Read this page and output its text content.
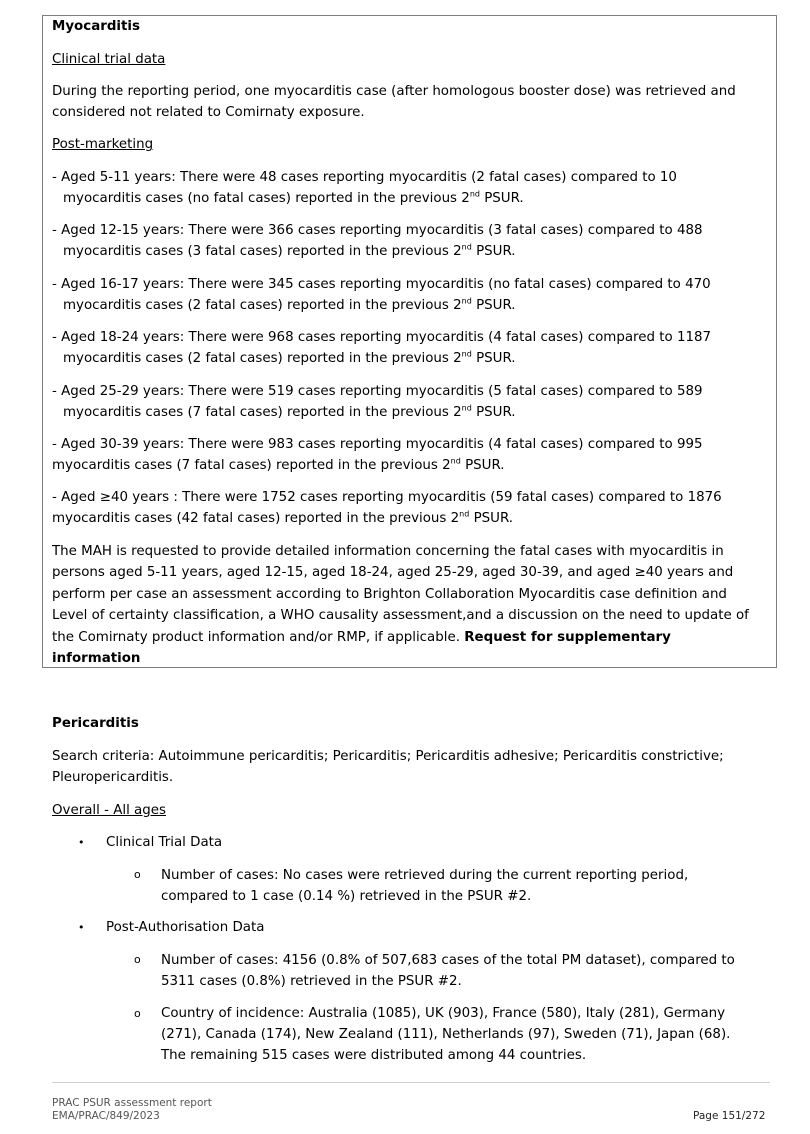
Myocarditis
Clinical trial data
During the reporting period, one myocarditis case (after homologous booster dose) was retrieved and
considered not related to Comirnaty exposure.
Post-marketing
- Aged 5-11 years: There were 48 cases reporting myocarditis (2 fatal cases) compared to 10
myocarditis cases (no fatal cases) reported in the previous 2nd PSUR.
- Aged 12-15 years: There were 366 cases reporting myocarditis (3 fatal cases) compared to 488
myocarditis cases (3 fatal cases) reported in the previous 2nd PSUR.
- Aged 16-17 years: There were 345 cases reporting myocarditis (no fatal cases) compared to 470
myocarditis cases (2 fatal cases) reported in the previous 2nd PSUR.
- Aged 18-24 years: There were 968 cases reporting myocarditis (4 fatal cases) compared to 1187
myocarditis cases (2 fatal cases) reported in the previous 2nd PSUR.
- Aged 25-29 years: There were 519 cases reporting myocarditis (5 fatal cases) compared to 589
myocarditis cases (7 fatal cases) reported in the previous 2nd PSUR.
- Aged 30-39 years: There were 983 cases reporting myocarditis (4 fatal cases) compared to 995
myocarditis cases (7 fatal cases) reported in the previous 2nd PSUR.
- Aged ≥40 years : There were 1752 cases reporting myocarditis (59 fatal cases) compared to 1876
myocarditis cases (42 fatal cases) reported in the previous 2nd PSUR.
The MAH is requested to provide detailed information concerning the fatal cases with myocarditis in
persons aged 5-11 years, aged 12-15, aged 18-24, aged 25-29, aged 30-39, and aged ≥40 years and
perform per case an assessment according to Brighton Collaboration Myocarditis case definition and
Level of certainty classification, a WHO causality assessment,and a discussion on the need to update of
the Comirnaty product information and/or RMP, if applicable. Request for supplementary
information
Pericarditis
Search criteria: Autoimmune pericarditis; Pericarditis; Pericarditis adhesive; Pericarditis constrictive;
Pleuropericarditis.
Overall - All ages
• Clinical Trial Data
o Number of cases: No cases were retrieved during the current reporting period,
compared to 1 case (0.14 %) retrieved in the PSUR #2.
• Post-Authorisation Data
o Number of cases: 4156 (0.8% of 507,683 cases of the total PM dataset), compared to
5311 cases (0.8%) retrieved in the PSUR #2.
o Country of incidence: Australia (1085), UK (903), France (580), Italy (281), Germany
(271), Canada (174), New Zealand (111), Netherlands (97), Sweden (71), Japan (68).
The remaining 515 cases were distributed among 44 countries.
PRAC PSUR assessment report
EMA/PRAC/849/2023	Page 151/272
